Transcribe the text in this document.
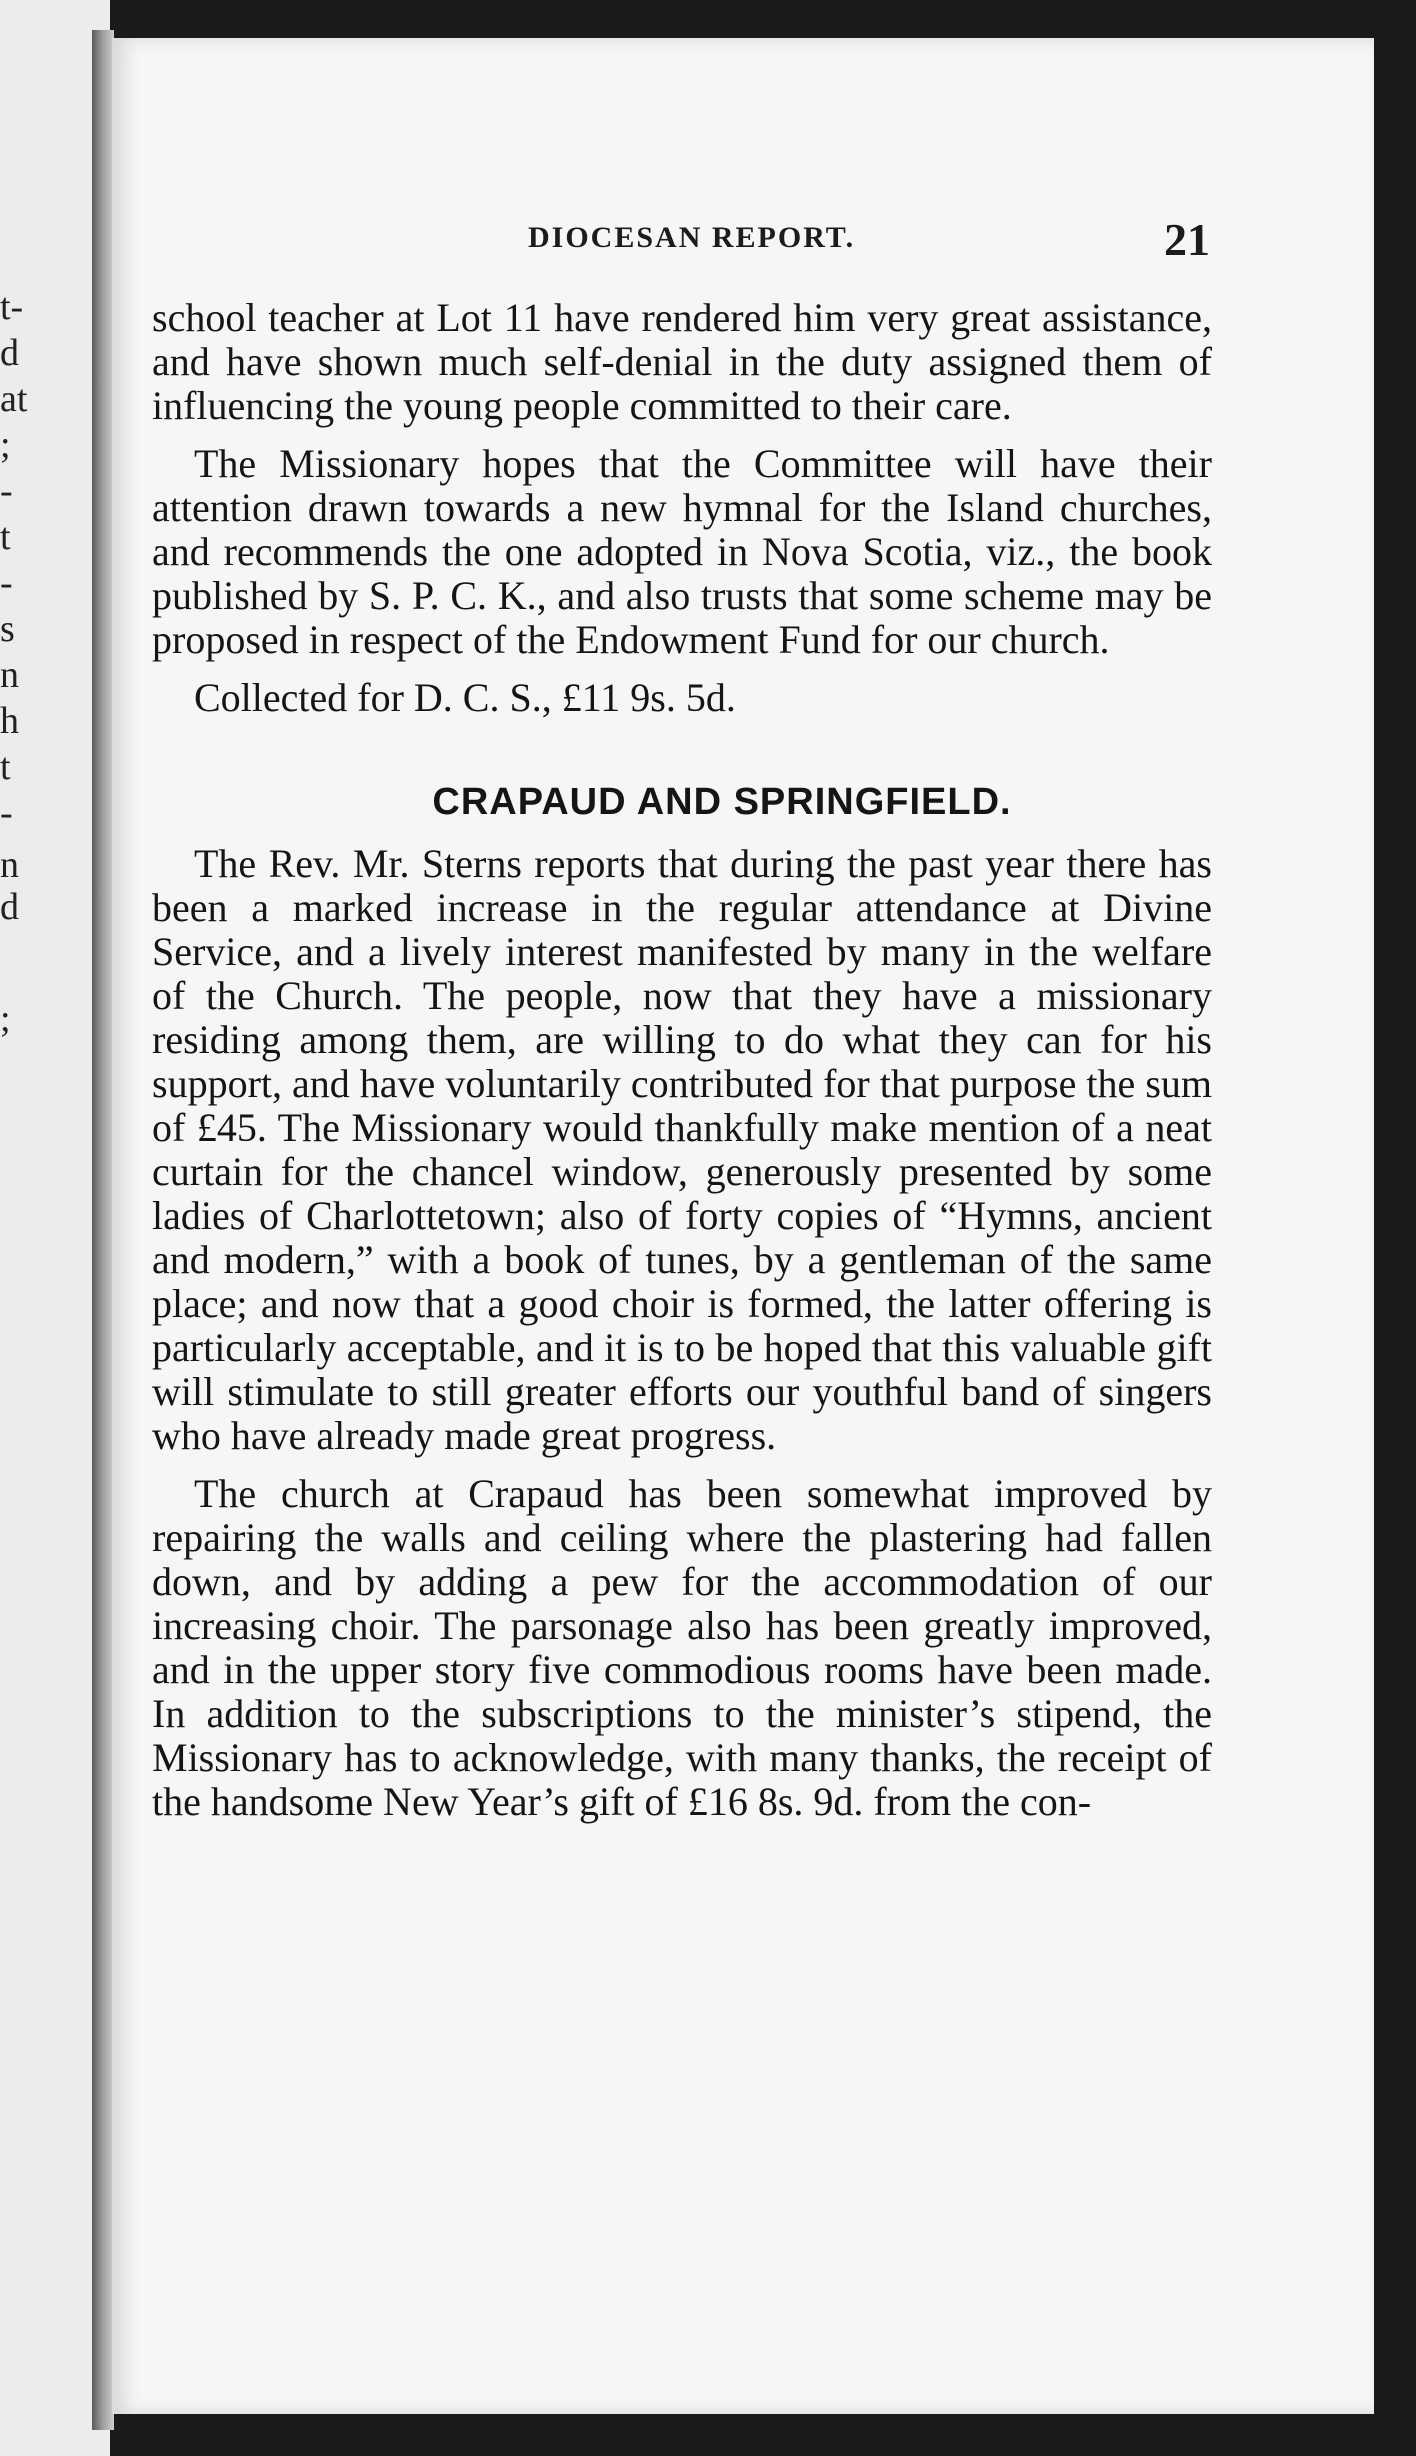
t-
d
at
;
-
t
-
s
n
h
t
-
n
d
;
DIOCESAN REPORT.	21

school teacher at Lot 11 have rendered him very great assistance, and have shown much self-denial in the duty assigned them of influencing the young people committed to their care.

The Missionary hopes that the Committee will have their attention drawn towards a new hymnal for the Island churches, and recommends the one adopted in Nova Scotia, viz., the book published by S. P. C. K., and also trusts that some scheme may be proposed in respect of the Endowment Fund for our church.

Collected for D. C. S., £11 9s. 5d.

CRAPAUD AND SPRINGFIELD.

The Rev. Mr. Sterns reports that during the past year there has been a marked increase in the regular attendance at Divine Service, and a lively interest manifested by many in the welfare of the Church. The people, now that they have a missionary residing among them, are willing to do what they can for his support, and have voluntarily contributed for that purpose the sum of £45. The Missionary would thankfully make mention of a neat curtain for the chancel window, generously presented by some ladies of Charlottetown; also of forty copies of “Hymns, ancient and modern,” with a book of tunes, by a gentleman of the same place; and now that a good choir is formed, the latter offering is particularly acceptable, and it is to be hoped that this valuable gift will stimulate to still greater efforts our youthful band of singers who have already made great progress.

The church at Crapaud has been somewhat improved by repairing the walls and ceiling where the plastering had fallen down, and by adding a pew for the accommodation of our increasing choir. The parsonage also has been greatly improved, and in the upper story five commodious rooms have been made. In addition to the subscriptions to the minister’s stipend, the Missionary has to acknowledge, with many thanks, the receipt of the handsome New Year’s gift of £16 8s. 9d. from the con-
